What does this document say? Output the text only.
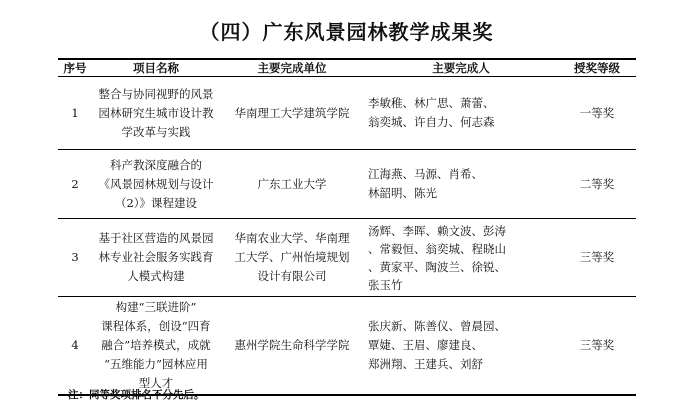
（四）广东风景园林教学成果奖
序号	项目名称	主要完成单位	主要完成人	授奖等级
1	整合与协同视野的风景
园林研究生城市设计教
学改革与实践	华南理工大学建筑学院	李敏稚、林广思、萧蕾、
翁奕城、许自力、何志森	一等奖
2	科产教深度融合的
《风景园林规划与设计
（2）》课程建设	广东工业大学	江海燕、马源、肖希、
林韶明、陈光	二等奖
3	基于社区营造的风景园
林专业社会服务实践育
人模式构建	华南农业大学、华南理
工大学、广州怡境规划
设计有限公司	汤辉、李晖、赖文波、彭涛
、常毅恒、翁奕城、程晓山
、黄家平、陶波兰、徐锐、
张玉竹	三等奖
4	构建“三联进阶”
课程体系，创设“四育
融合”培养模式，成就
“五维能力”园林应用
型人才	惠州学院生命科学学院	张庆新、陈善仪、曾晨园、
覃婕、王眉、廖建良、
郑洲翔、王建兵、刘舒	三等奖
注：同等奖项排名不分先后。
